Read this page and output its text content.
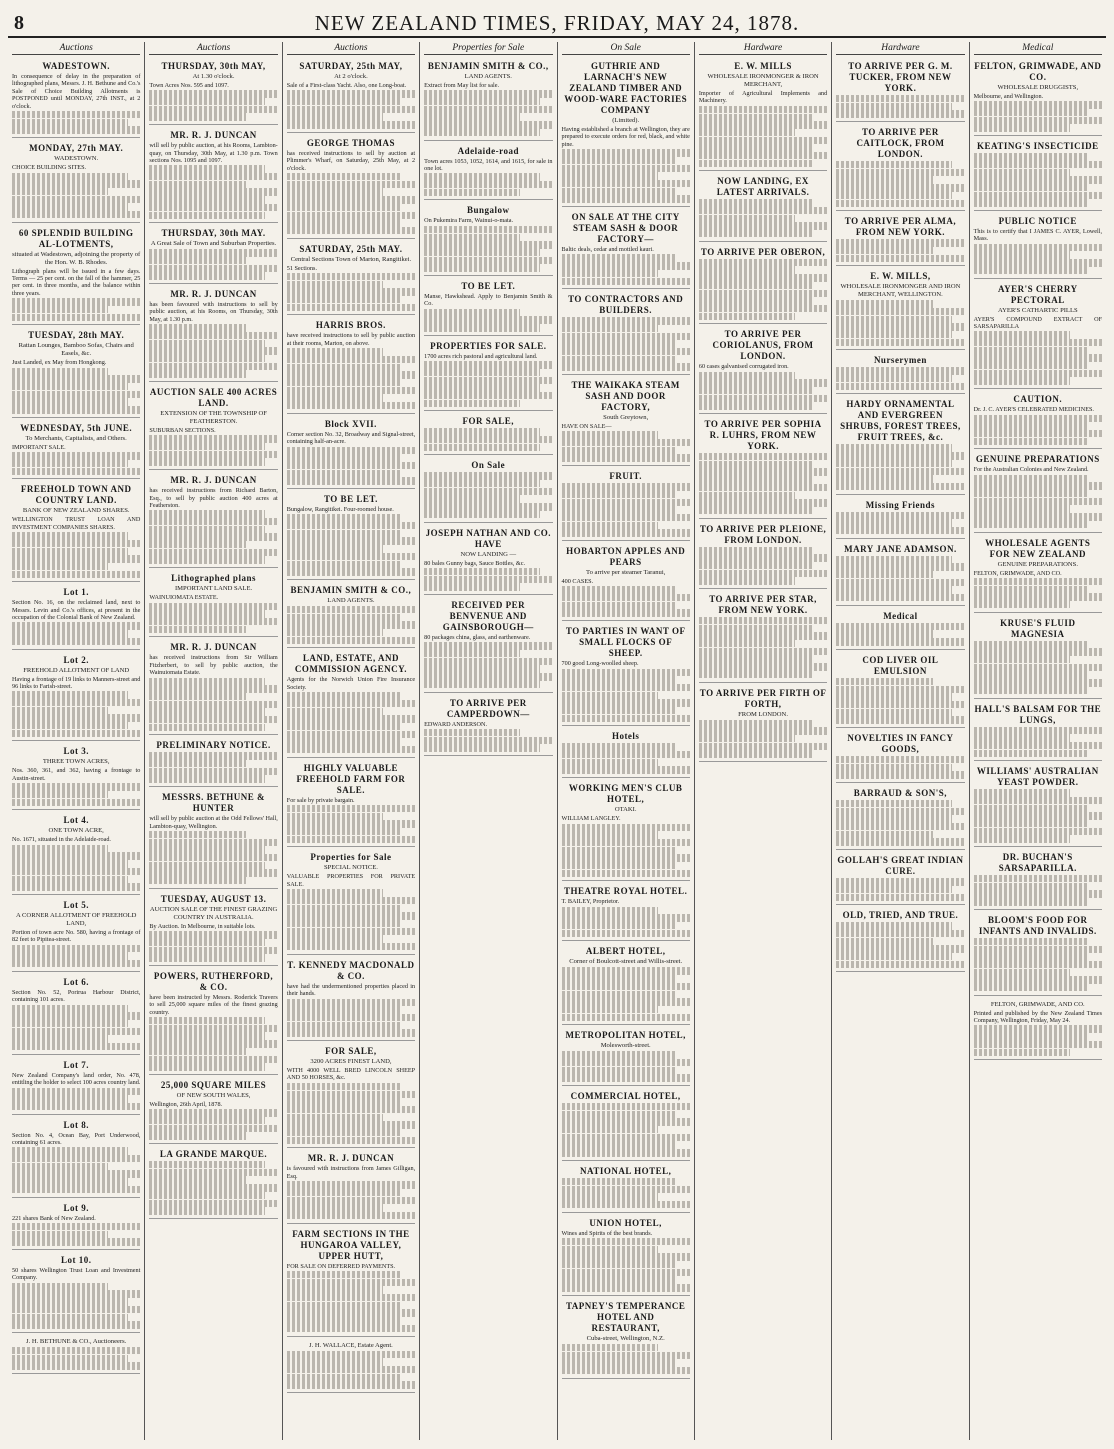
8	NEW ZEALAND TIMES, FRIDAY, MAY 24, 1878.
Auctions
WADESTOWN.
In consequence of delay in the preparation of lithographed plans, Messrs. J. H. Bethune and Co.'s Sale of Choice Building Allotments is POSTPONED until MONDAY, 27th INST., at 2 o'clock.
MONDAY, 27th MAY.
WADESTOWN.
CHOICE BUILDING SITES.
60 SPLENDID BUILDING AL-LOTMENTS,
situated at Wadestown, adjoining the property of the Hon. W. B. Rhodes.
Lithograph plans will be issued in a few days. Terms — 25 per cent. on the fall of the hammer, 25 per cent. in three months, and the balance within three years.
TUESDAY, 28th MAY.
Rattan Lounges, Bamboo Sofas, Chairs and Easels, &c.
Just Landed, ex May from Hongkong.
WEDNESDAY, 5th JUNE.
To Merchants, Capitalists, and Others.
IMPORTANT SALE.
FREEHOLD TOWN AND COUNTRY LAND.
BANK OF NEW ZEALAND SHARES.
WELLINGTON TRUST LOAN AND INVESTMENT COMPANIES SHARES.
Lot 1.
Section No. 16, on the reclaimed land, next to Messrs. Levin and Co.'s offices, at present in the occupation of the Colonial Bank of New Zealand.
Lot 2.
FREEHOLD ALLOTMENT OF LAND
Having a frontage of 19 links to Manners-street and 96 links to Farish-street.
Lot 3.
THREE TOWN ACRES,
Nos. 360, 361, and 362, having a frontage to Austin-street.
Lot 4.
ONE TOWN ACRE,
No. 1671, situated in the Adelaide-road.
Lot 5.
A CORNER ALLOTMENT OF FREEHOLD LAND,
Portion of town acre No. 580, having a frontage of 82 feet to Pipitea-street.
Lot 6.
Section No. 52, Porirua Harbour District, containing 101 acres.
Lot 7.
New Zealand Company's land order, No. 478, entitling the holder to select 100 acres country land.
Lot 8.
Section No. 4, Ocean Bay, Port Underwood, containing 61 acres.
Lot 9.
221 shares Bank of New Zealand.
Lot 10.
50 shares Wellington Trust Loan and Investment Company.
J. H. BETHUNE & CO., Auctioneers.
Auctions
THURSDAY, 30th MAY,
At 1.30 o'clock.
Town Acres Nos. 595 and 1097.
MR. R. J. DUNCAN
will sell by public auction, at his Rooms, Lambton-quay, on Thursday, 30th May, at 1.30 p.m. Town sections Nos. 1095 and 1097.
THURSDAY, 30th MAY.
A Great Sale of Town and Suburban Properties.
MR. R. J. DUNCAN
has been favoured with instructions to sell by public auction, at his Rooms, on Thursday, 30th May, at 1.30 p.m.
AUCTION SALE 400 ACRES LAND.
EXTENSION OF THE TOWNSHIP OF FEATHERSTON.
SUBURBAN SECTIONS.
MR. R. J. DUNCAN
has received instructions from Richard Barton, Esq., to sell by public auction 400 acres at Featherston.
Lithographed plans
IMPORTANT LAND SALE.
WAINUIOMATA ESTATE.
MR. R. J. DUNCAN
has received instructions from Sir William Fitzherbert, to sell by public auction, the Wainuiomata Estate.
PRELIMINARY NOTICE.
MESSRS. BETHUNE & HUNTER
will sell by public auction at the Odd Fellows' Hall, Lambton-quay, Wellington.
TUESDAY, AUGUST 13.
AUCTION SALE OF THE FINEST GRAZING COUNTRY IN AUSTRALIA.
By Auction. In Melbourne, in suitable lots.
POWERS, RUTHERFORD, & CO.
have been instructed by Messrs. Roderick Travers to sell 25,000 square miles of the finest grazing country.
25,000 SQUARE MILES
OF NEW SOUTH WALES,
Wellington, 26th April, 1878.
LA GRANDE MARQUE.
Auctions
SATURDAY, 25th MAY,
At 2 o'clock.
Sale of a First-class Yacht. Also, one Long-boat.
GEORGE THOMAS
has received instructions to sell by auction at Plimmer's Wharf, on Saturday, 25th May, at 2 o'clock.
SATURDAY, 25th MAY.
Central Sections Town of Marton, Rangitikei.
51 Sections.
HARRIS BROS.
have received instructions to sell by public auction at their rooms, Marton, on above.
Block XVII.
Corner section No. 32, Broadway and Signal-street, containing half-an-acre.
TO BE LET.
Bungalow, Rangitikei. Four-roomed house.
BENJAMIN SMITH & CO.,
LAND AGENTS.
LAND, ESTATE, AND COMMISSION AGENCY.
Agents for the Norwich Union Fire Insurance Society.
HIGHLY VALUABLE FREEHOLD FARM FOR SALE.
For sale by private bargain.
Properties for Sale
SPECIAL NOTICE.
VALUABLE PROPERTIES FOR PRIVATE SALE.
T. KENNEDY MACDONALD & CO.
have had the undermentioned properties placed in their hands.
FOR SALE,
3200 ACRES FINEST LAND,
WITH 4000 WELL BRED LINCOLN SHEEP AND 50 HORSES, &c.
MR. R. J. DUNCAN
is favoured with instructions from James Gilligan, Esq.
FARM SECTIONS IN THE HUNGAROA VALLEY, UPPER HUTT,
FOR SALE ON DEFERRED PAYMENTS.
J. H. WALLACE, Estate Agent.
Properties for Sale
BENJAMIN SMITH & CO.,
LAND AGENTS.
Extract from May list for sale.
Adelaide-road
Town acres 1053, 1052, 1614, and 1615, for sale in one lot.
Bungalow
On Pukemira Farm, Wainui-o-mata.
TO BE LET.
Manse, Hawkshead. Apply to Benjamin Smith & Co.
PROPERTIES FOR SALE.
1700 acres rich pastoral and agricultural land.
FOR SALE,
On Sale
JOSEPH NATHAN AND CO. HAVE
NOW LANDING —
80 bales Gunny bags, Sauce Bottles, &c.
RECEIVED PER BENVENUE AND GAINSBOROUGH—
80 packages china, glass, and earthenware.
TO ARRIVE PER CAMPERDOWN—
EDWARD ANDERSON.
On Sale
GUTHRIE AND LARNACH'S NEW ZEALAND TIMBER AND WOOD-WARE FACTORIES COMPANY
(Limited).
Having established a branch at Wellington, they are prepared to execute orders for red, black, and white pine.
ON SALE AT THE CITY STEAM SASH & DOOR FACTORY—
Baltic deals, cedar and mottled kauri.
TO CONTRACTORS AND BUILDERS.
THE WAIKAKA STEAM SASH AND DOOR FACTORY,
South Greytown,
HAVE ON SALE—
FRUIT.
HOBARTON APPLES AND PEARS
To arrive per steamer Taranui,
400 CASES.
TO PARTIES IN WANT OF SMALL FLOCKS OF SHEEP.
700 good Long-woolled sheep.
Hotels
WORKING MEN'S CLUB HOTEL,
OTAKI.
WILLIAM LANGLEY.
THEATRE ROYAL HOTEL.
T. BAILEY, Proprietor.
ALBERT HOTEL,
Corner of Boulcott-street and Willis-street.
METROPOLITAN HOTEL,
Molesworth-street.
COMMERCIAL HOTEL,
NATIONAL HOTEL,
UNION HOTEL,
Wines and Spirits of the best brands.
TAPNEY'S TEMPERANCE HOTEL AND RESTAURANT,
Cuba-street, Wellington, N.Z.
Hardware
E. W. MILLS
WHOLESALE IRONMONGER & IRON MERCHANT,
Importer of Agricultural Implements and Machinery.
NOW LANDING, EX LATEST ARRIVALS.
TO ARRIVE PER OBERON,
TO ARRIVE PER CORIOLANUS, FROM LONDON.
60 cases galvanised corrugated iron.
TO ARRIVE PER SOPHIA R. LUHRS, FROM NEW YORK.
TO ARRIVE PER PLEIONE, FROM LONDON.
TO ARRIVE PER STAR, FROM NEW YORK.
TO ARRIVE PER FIRTH OF FORTH,
FROM LONDON.
Hardware
TO ARRIVE PER G. M. TUCKER, FROM NEW YORK.
TO ARRIVE PER CAITLOCK, FROM LONDON.
TO ARRIVE PER ALMA, FROM NEW YORK.
E. W. MILLS,
WHOLESALE IRONMONGER AND IRON MERCHANT, WELLINGTON.
Nurserymen
HARDY ORNAMENTAL AND EVERGREEN SHRUBS, FOREST TREES, FRUIT TREES, &c.
Missing Friends
MARY JANE ADAMSON.
Medical
COD LIVER OIL EMULSION
NOVELTIES IN FANCY GOODS,
BARRAUD & SON'S,
GOLLAH'S GREAT INDIAN CURE.
OLD, TRIED, AND TRUE.
Medical
FELTON, GRIMWADE, AND CO.
WHOLESALE DRUGGISTS,
Melbourne, and Wellington.
KEATING'S INSECTICIDE
PUBLIC NOTICE
This is to certify that I JAMES C. AYER, Lowell, Mass.
AYER'S CHERRY PECTORAL
AYER'S CATHARTIC PILLS
AYER'S COMPOUND EXTRACT OF SARSAPARILLA
CAUTION.
Dr. J. C. AYER'S CELEBRATED MEDICINES.
GENUINE PREPARATIONS
For the Australian Colonies and New Zealand.
WHOLESALE AGENTS FOR NEW ZEALAND
GENUINE PREPARATIONS.
FELTON, GRIMWADE, AND CO.
KRUSE'S FLUID MAGNESIA
HALL'S BALSAM FOR THE LUNGS,
WILLIAMS' AUSTRALIAN YEAST POWDER.
DR. BUCHAN'S SARSAPARILLA.
BLOOM'S FOOD FOR INFANTS AND INVALIDS.
FELTON, GRIMWADE, AND CO.
Printed and published by the New Zealand Times Company, Wellington, Friday, May 24.
